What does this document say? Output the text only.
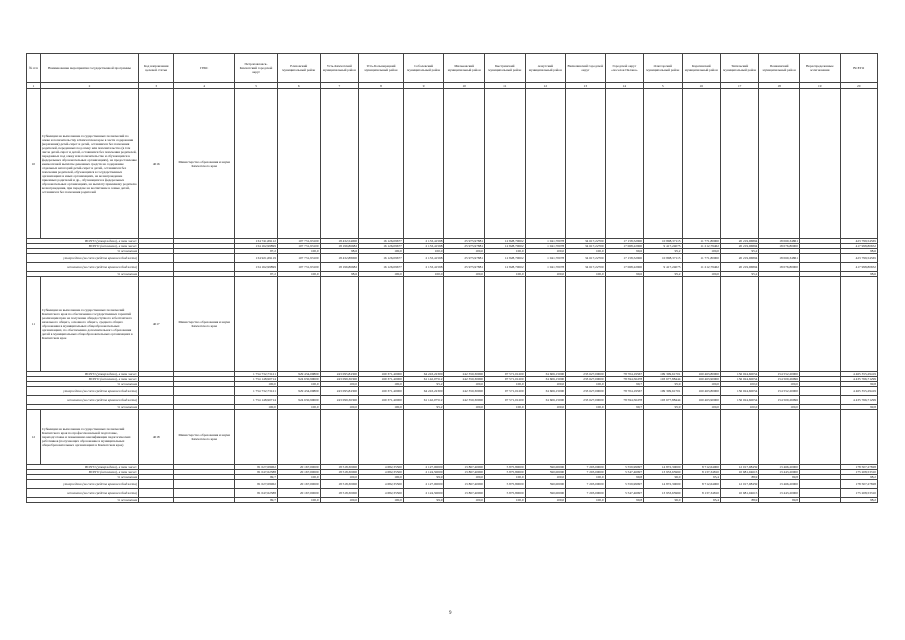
№ п/п	Наименование мероприятия государственной программы	Код направления целевой статьи	ГРБС	Петропавловск-Камчатский городской округ	Елизовский муниципальный район	Усть-Камчатский муниципальный район	Усть-Большерецкий муниципальный район	Соболевский муниципальный район	Мильковский муниципальный район	Быстринский муниципальный район	Алеутский муниципальный район	Вилючинский городской округ	Городской округ «поселок Палана»	Олюторский муниципальный район	Карагинский муниципальный район	Тигильский муниципальный район	Пенжинский муниципальный район	Нераспределенные ассигнования	ВСЕГО
1	2	3	4	5	6	7	8	9	10	11	12	13	14	5	16	17	18	19	20
10	Субвенции на выполнение государственных полномочий по опеке и попечительству в Камчатском крае в части содержания (кормления) детей-сирот и детей, оставшихся без попечения родителей, переданных под опеку или попечительство (в том числе детей-сирот и детей, оставшихся без попечения родителей, переданных под опеку или попечительство и обучающихся в федеральных образовательных организациях), на предоставление ежемесячной выплаты денежных средств на содержание отдельных категорий детей-сирот и детей, оставшихся без попечения родителей, обучающихся в государственных организациях и иных организациях, на вознаграждение приемных родителей и др., обучающихся в федеральных образовательных организациях, на выплату приемному родителю вознаграждения, при передаче на воспитание в семью детей, оставшихся без попечения родителей	4016	Министерство образования и науки Камчатского края																
ВСЕГО (утверждено), в том числе:				134 741,69112	107 731,93100	18 432,54000	16 126,09677	2 133,41598	25 975,97881	12 828,70002	1 041,70078	34 617,22700	17 158,52900	10 898,37115	11 771,80000	20 219,96894	18 069,34861		423 799,54565
ВСЕГО (исполнено), в том числе:				134 162,99899	107 731,93100	18 196,86682	16 126,09677	2 133,41598	25 975,97881	12 828,70002	1 041,70078	34 617,22700	17 068,22900	9 417,24075	11 212,79462	20 219,96894	18 076,80000		417 998,80652
% исполнения				97,2	100,0	98,6	100,0	100,0	100,0	100,0	100,0	100,0	99,6	95,2	100,0	95,2			98,6
утверждено (за счет средств краевого бюджета)				134 921,69119	107 731,93100	18 432,88000	16 126,09677	2 133,41598	25 975,97881	12 828,70002	1 041,70078	34 617,22700	17 158,52900	10 898,37115	11 771,80000	20 219,96894	18 069,34861		423 799,54565
исполнено (за счет средств краевого бюджета)				134 162,99899	107 731,93100	18 196,86682	16 126,09677	2 133,41598	25 975,97881	12 828,70002	1 041,70078	34 617,22700	17 068,22900	9 417,24075	11 212,79462	20 219,96894	18 076,80000		417 998,80652
% исполнения				97,2	100,0	98,6	100,0	100,0	100,0	100,0	100,0	100,0	99,6	95,2	100,0	95,2			98,6
11	Субвенции на выполнение государственных полномочий Камчатского края по обеспечению государственных гарантий реализации прав на получение общедоступного и бесплатного начального общего, основного общего, среднего общего образования в муниципальных общеобразовательных организациях, по обеспечению дополнительного образования детей в муниципальных общеобразовательных организациях в Камчатском крае	4017	Министерство образования и науки Камчатского края																
ВСЕГО (утверждено), в том числе:				1 754 732,73121	929 434,09800	243 095,84300	169 371,40000	64 243,22300	242 350,30000	97 571,01200	34 606,15000	233 627,00000	78 704,19567	109 309,61701	160 463,80000	156 024,60054	154 552,20000		4 465 355,29419
ВСЕГО (исполнено), в том числе:				1 754 148,90714	924 630,99000	243 099,36300	169 371,40000	61 142,07512	242 350,30000	97 571,01200	34 606,15000	233 627,00000	78 594,56478	103 677,88444	160 463,90000	156 024,60054	154 509,26996		4 435 766,71299
% исполнения				100,0	100,0	100,0	100,0	95,2	100,0	100,0	100,0	100,0	99,7	95,9	100,0	100,0	100,0		99,8
утверждено (за счет средств краевого бюджета)				1 754 732,73121	929 434,09800	243 095,84300	169 371,40000	64 243,22300	242 350,30000	97 571,01200	34 606,15000	233 627,00000	78 704,19567	109 309,61701	160 463,80000	156 024,60054	154 552,20000		4 465 355,29419
исполнено (за счет средств краевого бюджета)				1 754 148,90714	924 630,99000	243 099,36300	169 371,40000	61 142,07512	242 350,30000	97 571,01200	34 606,15000	233 627,00000	78 594,56478	103 677,88444	160 463,90000	156 024,60054	154 509,26996		4 435 766,71299
% исполнения				100,0	100,0	100,0	100,0	95,2	100,0	100,0	100,0	100,0	99,7	95,9	100,0	100,0	100,0		99,8
12	Субвенции на выполнение государственных полномочий Камчатского края по профессиональной подготовке, переподготовке и повышению квалификации педагогических работников (получающих образование в муниципальных общеобразовательных организациях в Камчатском крае)	4018	Министерство образования и науки Камчатского края																
ВСЕГО (утверждено), в том числе:				81 027,69962	20 167,00000	18 518,30000	4 682,35500	2 127,00000	13 867,40000	5 875,80000	590,00000	7 203,00000	5 559,99997	14 872,30000	8 712,64000	12 017,98459	13 466,20000		178 507,27828
ВСЕГО (исполнено), в том числе:				81 047,62388	20 167,00000	18 518,30000	4 682,35500	2 124,50000	13 867,40000	5 875,80000	590,00000	7 203,00000	5 547,46997	13 933,65960	8 137,34810	10 681,04615	13 443,20000		175 208,53310
% исполнения				99,7	100,0	100,0	100,0	99,9	100,0	100,0	100,0	100,0	99,8	96,0	93,4	88,9	99,8		98,2
утверждено (за счет средств краевого бюджета)				81 027,69962	20 167,00000	18 518,30000	4 682,35500	2 127,00000	13 867,40000	5 875,80000	590,00000	7 203,00000	5 559,99997	14 872,30000	8 712,64000	12 017,98459	13 466,20000		178 507,27828
исполнено (за счет средств краевого бюджета)				81 047,62388	20 167,00000	18 518,30000	4 682,35500	2 124,50000	13 867,40000	5 875,80000	590,00000	7 203,00000	5 547,46997	13 933,65960	8 137,34810	10 681,04615	13 443,20000		175 208,53310
% исполнения				99,7	100,0	100,0	100,0	99,9	100,0	100,0	100,0	100,0	99,8	96,0	93,4	88,9	99,8		98,2
9
